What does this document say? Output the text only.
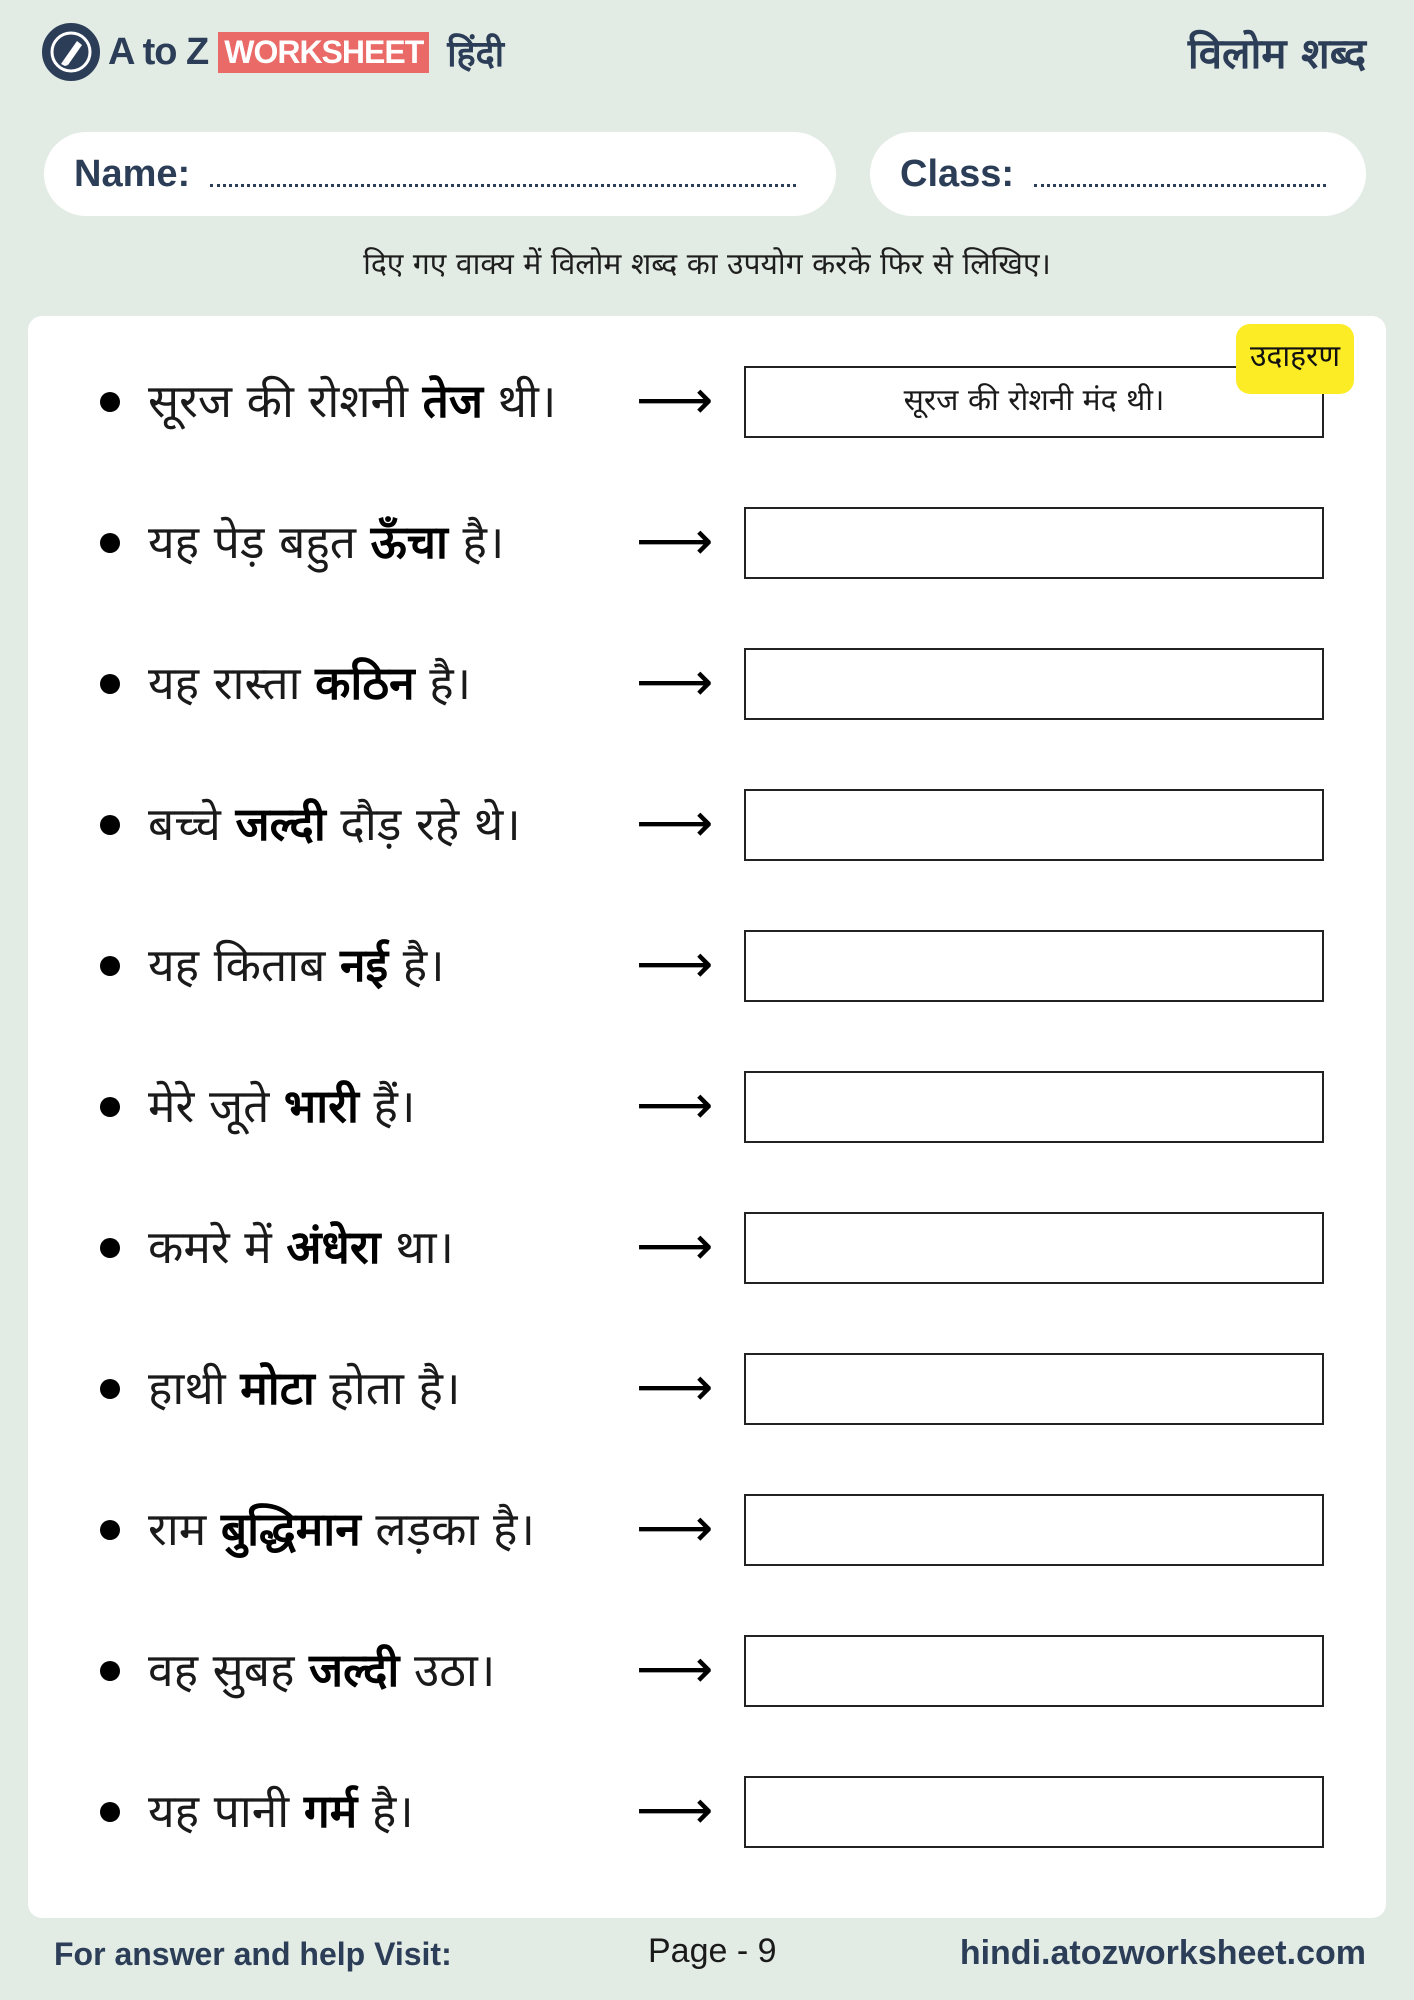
A to Z WORKSHEET हिंदी	विलोम शब्द
Name:	Class:
दिए गए वाक्य में विलोम शब्द का उपयोग करके फिर से लिखिए।
सूरज की रोशनी तेज थी। ⟶	सूरज की रोशनी मंद थी।
उदाहरण
यह पेड़ बहुत ऊँचा है। ⟶
यह रास्ता कठिन है।	⟶
बच्चे जल्दी दौड़ रहे थे। ⟶
यह किताब नई है।	⟶
मेरे जूते भारी हैं।	⟶
कमरे में अंधेरा था।	⟶
हाथी मोटा होता है।	⟶
राम बुद्धिमान लड़का है। ⟶
वह सुबह जल्दी उठा।	⟶
यह पानी गर्म है।	⟶
For answer and help Visit:	Page - 9	hindi.atozworksheet.com
